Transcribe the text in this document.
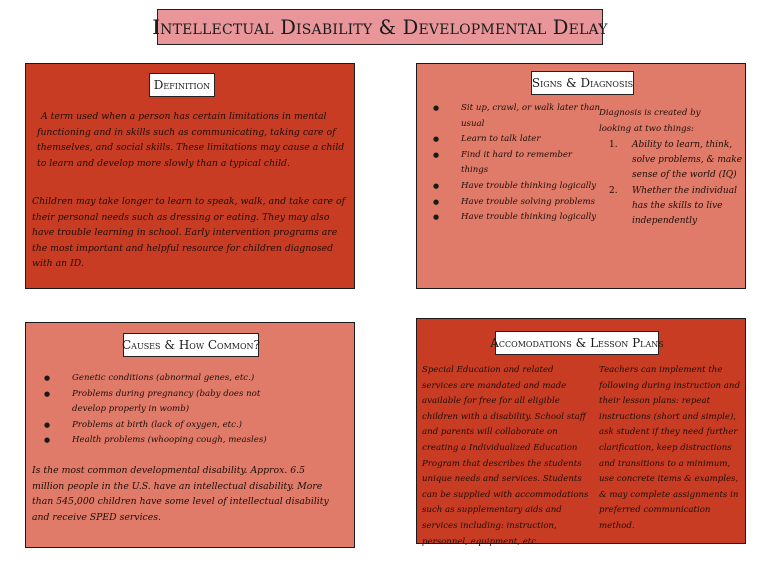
Intellectual Disability & Developmental Delay
Definition

A term used when a person has certain limitations in mental functioning and in skills such as communicating, taking care of themselves, and social skills. These limitations may cause a child to learn and develop more slowly than a typical child.

Children may take longer to learn to speak, walk, and take care of their personal needs such as dressing or eating. They may also have trouble learning in school. Early intervention programs are the most important and helpful resource for children diagnosed with an ID.

Signs & Diagnosis
● Sit up, crawl, or walk later than usual
● Learn to talk later
● Find it hard to remember things
● Have trouble thinking logically
● Have trouble solving problems
● Have trouble thinking logically

Diagnosis is created by looking at two things:

1. Ability to learn, think, solve problems, & make sense of the world (IQ)
2. Whether the individual has the skills to live independently
Causes & How Common?
● Genetic conditions (abnormal genes, etc.)
● Problems during pregnancy (baby does not develop properly in womb)
● Problems at birth (lack of oxygen, etc.)
● Health problems (whooping cough, measles)

Is the most common developmental disability. Approx. 6.5 million people in the U.S. have an intellectual disability. More than 545,000 children have some level of intellectual disability and receive SPED services.

Accomodations & Lesson Plans

Special Education and related services are mandated and made available for free for all eligible children with a disability. School staff and parents will collaborate on creating a Individualized Education Program that describes the students unique needs and services. Students can be supplied with accommodations such as supplementary aids and services including: instruction, personnel, equipment, etc.

Teachers can implement the following during instruction and their lesson plans: repeat instructions (short and simple), ask student if they need further clarification, keep distractions and transitions to a minimum, use concrete items & examples, & may complete assignments in preferred communication method.
